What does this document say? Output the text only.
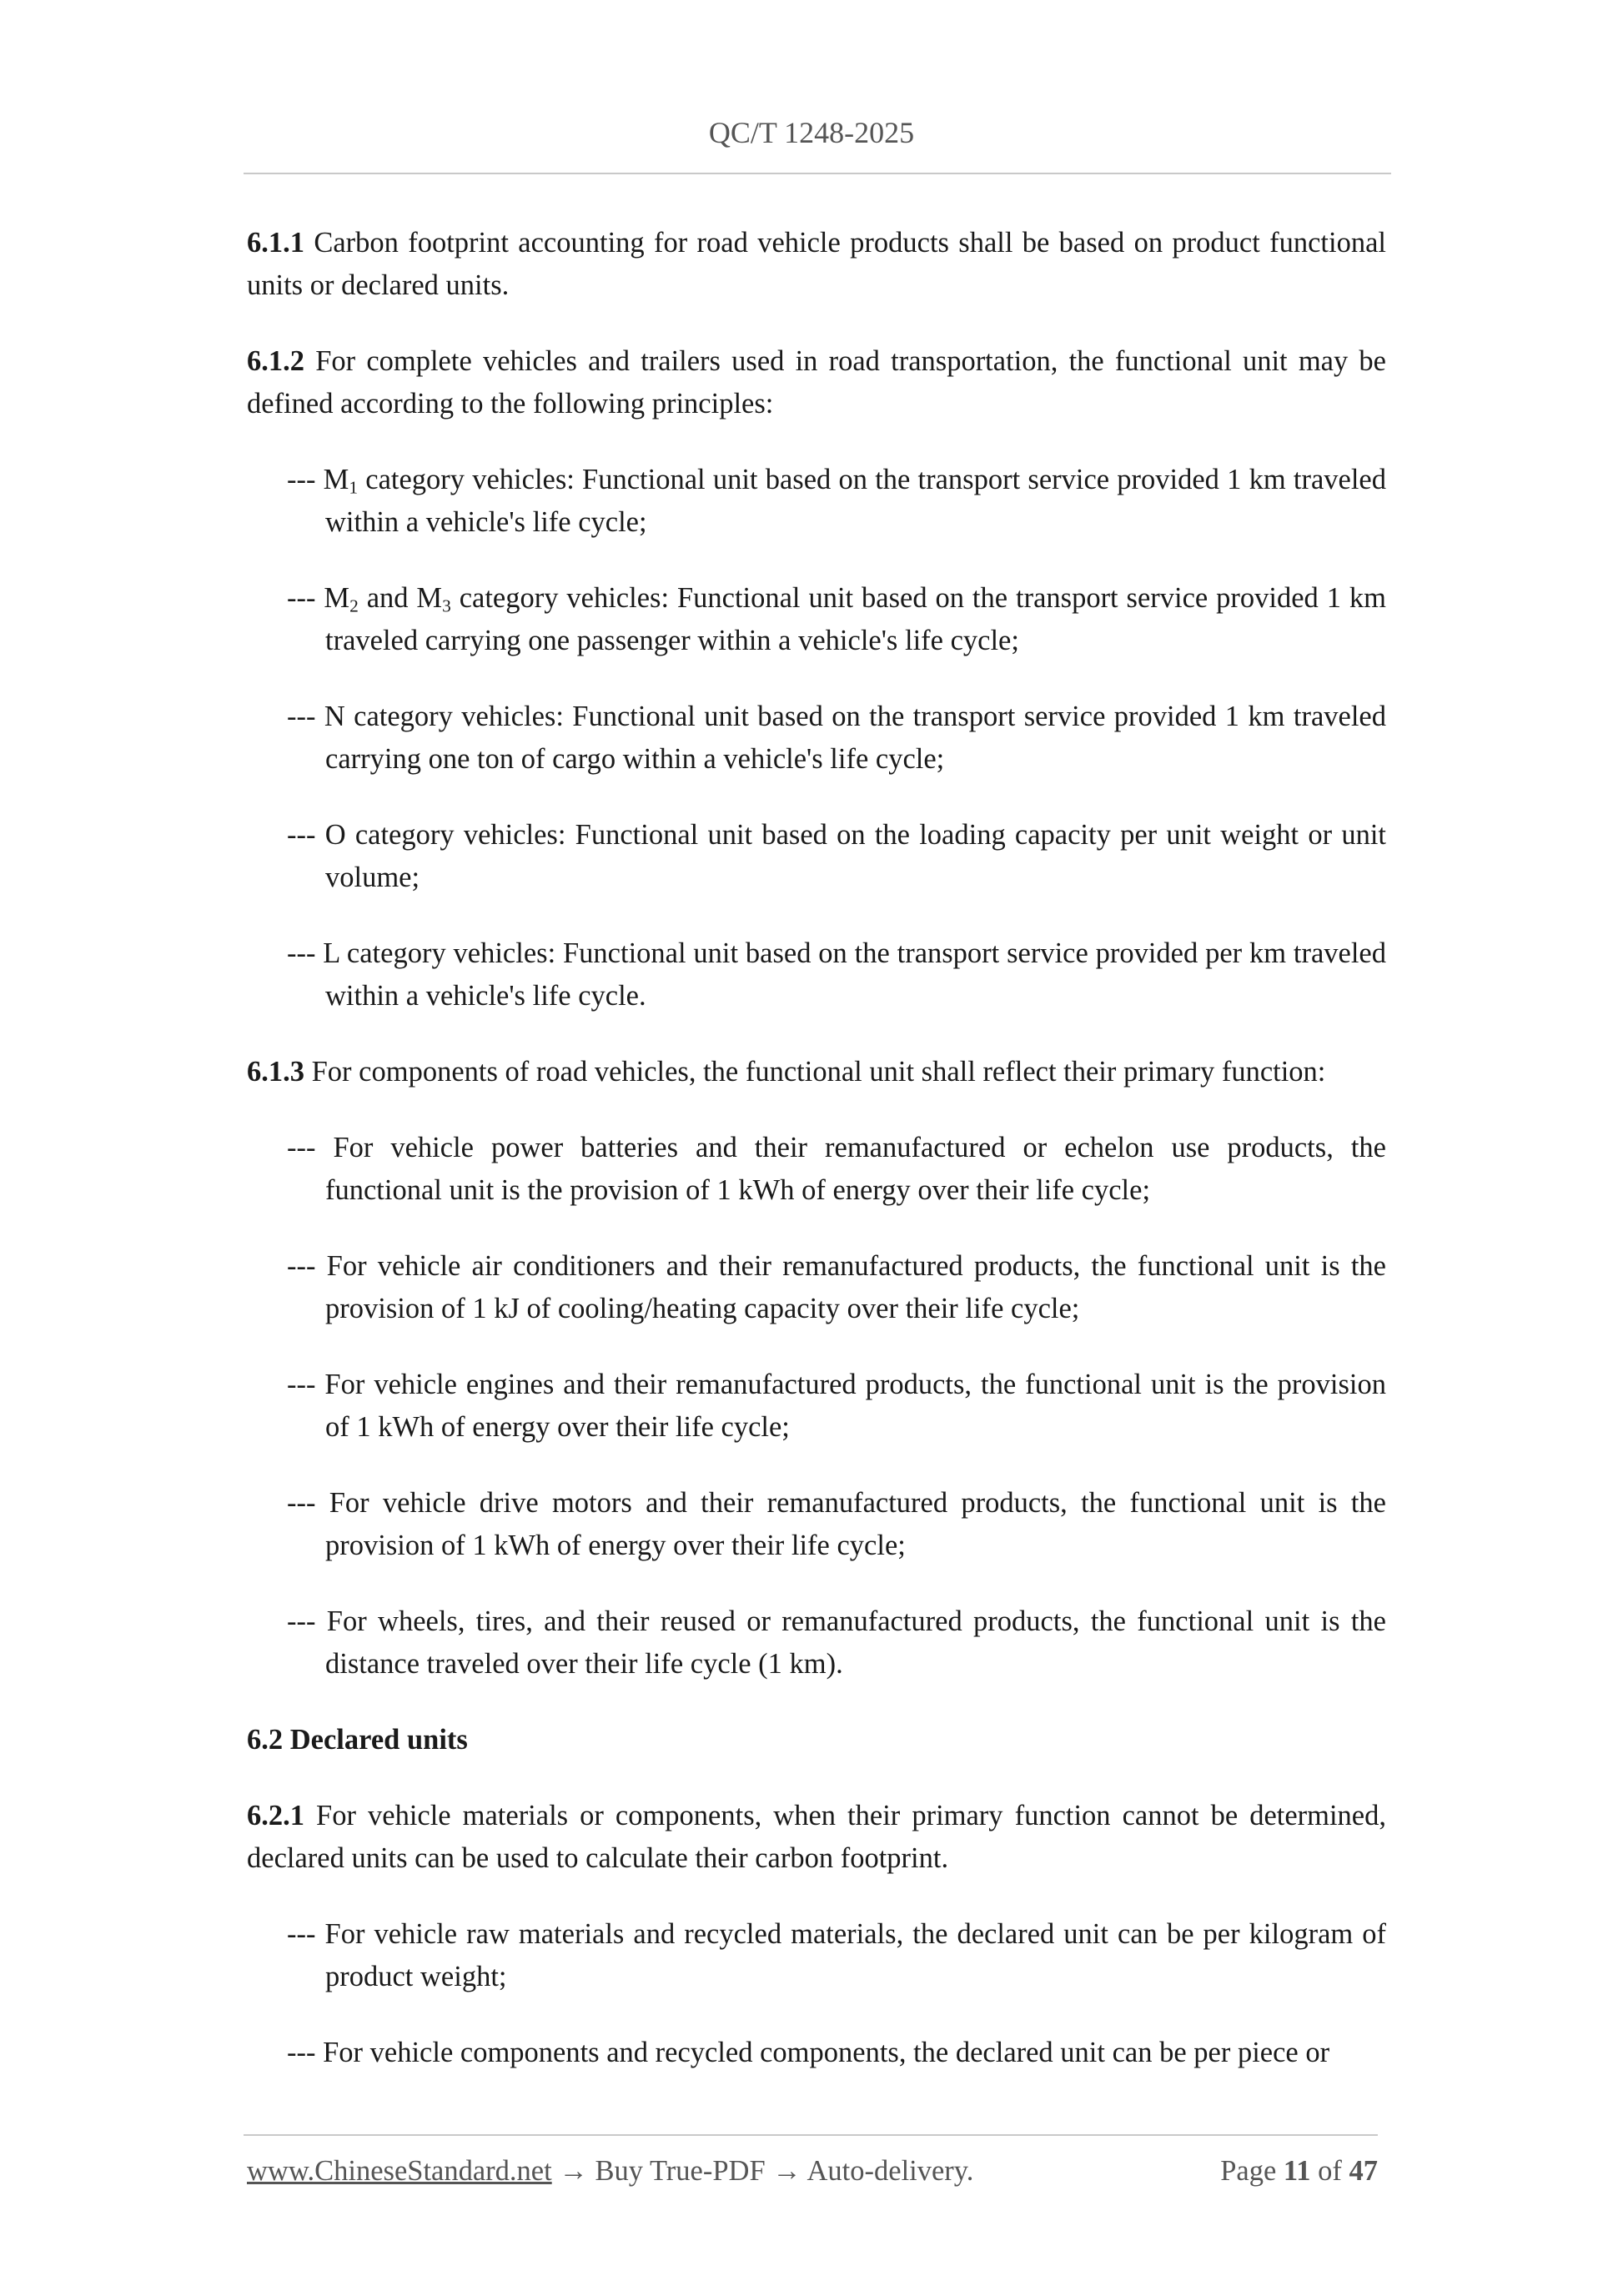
QC/T 1248-2025

6.1.1 Carbon footprint accounting for road vehicle products shall be based on product functional units or declared units.

6.1.2 For complete vehicles and trailers used in road transportation, the functional unit may be defined according to the following principles:

--- $M_1$ category vehicles: Functional unit based on the transport service provided 1 km traveled within a vehicle's life cycle;

--- $M_2$ and $M_3$ category vehicles: Functional unit based on the transport service provided 1 km traveled carrying one passenger within a vehicle's life cycle;

--- N category vehicles: Functional unit based on the transport service provided 1 km traveled carrying one ton of cargo within a vehicle's life cycle;

--- O category vehicles: Functional unit based on the loading capacity per unit weight or unit volume;

--- L category vehicles: Functional unit based on the transport service provided per km traveled within a vehicle's life cycle.

6.1.3 For components of road vehicles, the functional unit shall reflect their primary function:

--- For vehicle power batteries and their remanufactured or echelon use products, the functional unit is the provision of 1 kWh of energy over their life cycle;

--- For vehicle air conditioners and their remanufactured products, the functional unit is the provision of 1 kJ of cooling/heating capacity over their life cycle;

--- For vehicle engines and their remanufactured products, the functional unit is the provision of 1 kWh of energy over their life cycle;

--- For vehicle drive motors and their remanufactured products, the functional unit is the provision of 1 kWh of energy over their life cycle;

--- For wheels, tires, and their reused or remanufactured products, the functional unit is the distance traveled over their life cycle (1 km).

6.2 Declared units

6.2.1 For vehicle materials or components, when their primary function cannot be determined, declared units can be used to calculate their carbon footprint.

--- For vehicle raw materials and recycled materials, the declared unit can be per kilogram of product weight;

--- For vehicle components and recycled components, the declared unit can be per piece or

www.ChineseStandard.net → Buy True-PDF → Auto-delivery.	Page 11 of 47
